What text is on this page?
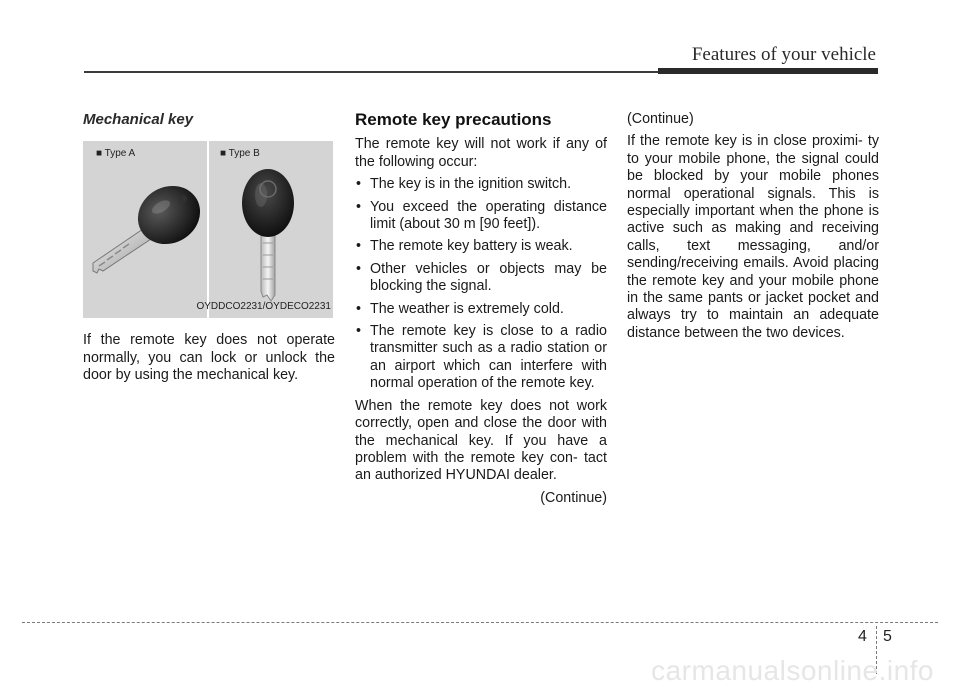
Features of your vehicle
Mechanical key
■ Type A	■ Type B
OYDDCO2231/OYDECO2231

If the remote key does not operate normally, you can lock or unlock the door by using the mechanical key.

Remote key precautions

The remote key will not work if any of the following occur:

• The key is in the ignition switch.
• You exceed the operating distance limit (about 30 m [90 feet]).
• The remote key battery is weak.
• Other vehicles or objects may be blocking the signal.
• The weather is extremely cold.
• The remote key is close to a radio transmitter such as a radio station or an airport which can interfere with normal operation of the remote key.

When the remote key does not work correctly, open and close the door with the mechanical key. If you have a problem with the remote key con- tact an authorized HYUNDAI dealer.

(Continue)

(Continue)

If the remote key is in close proximi- ty to your mobile phone, the signal could be blocked by your mobile phones normal operational signals. This is especially important when the phone is active such as making and receiving calls, text messaging, and/or sending/receiving emails. Avoid placing the remote key and your mobile phone in the same pants or jacket pocket and always try to maintain an adequate distance between the two devices.

4 5
carmanualsonline.info
